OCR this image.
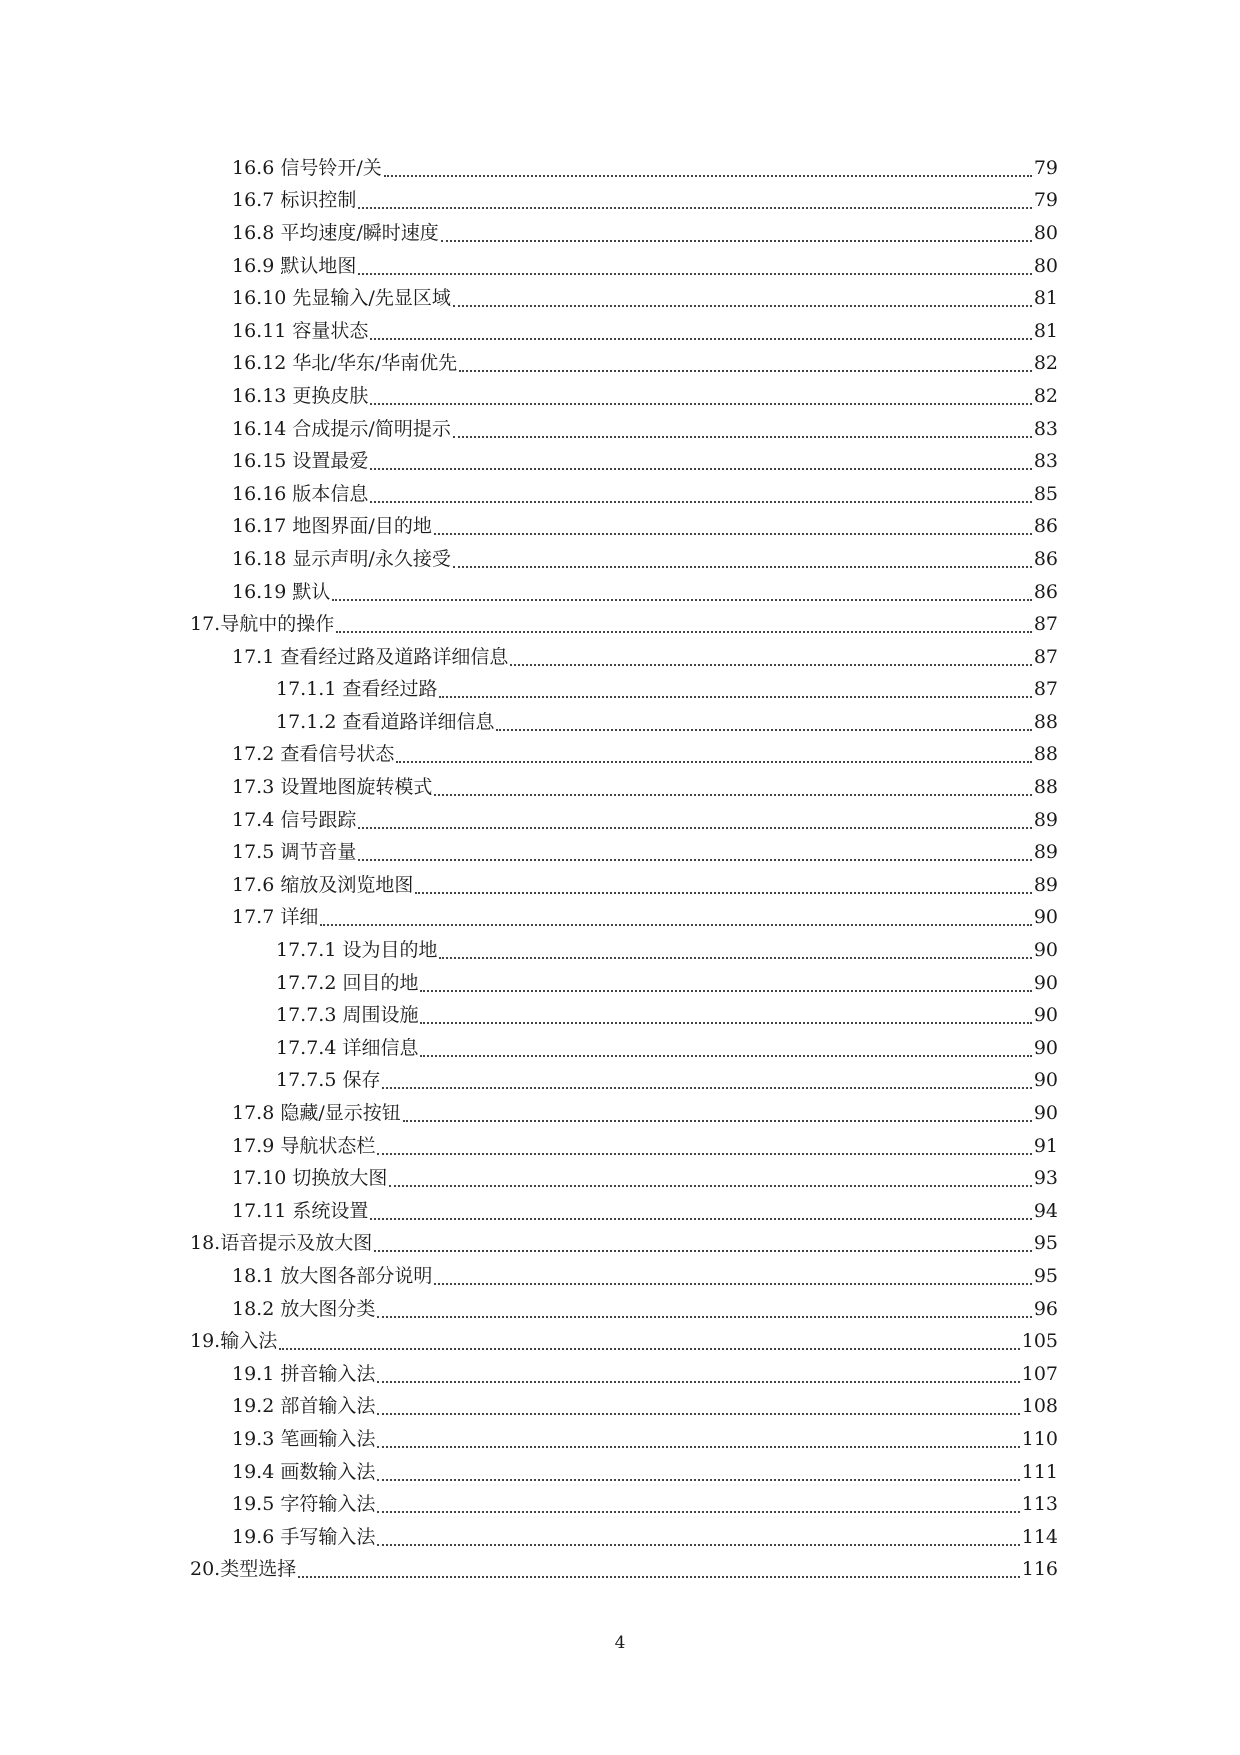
16.6 信号铃开/关	79
16.7 标识控制	79
16.8 平均速度/瞬时速度	80
16.9 默认地图	80
16.10 先显输入/先显区域	81
16.11 容量状态	81
16.12 华北/华东/华南优先	82
16.13 更换皮肤	82
16.14 合成提示/简明提示	83
16.15 设置最爱	83
16.16 版本信息	85
16.17 地图界面/目的地	86
16.18 显示声明/永久接受	86
16.19 默认	86
17.导航中的操作	87
17.1 查看经过路及道路详细信息	87
17.1.1 查看经过路	87
17.1.2 查看道路详细信息	88
17.2 查看信号状态	88
17.3 设置地图旋转模式	88
17.4 信号跟踪	89
17.5 调节音量	89
17.6 缩放及浏览地图	89
17.7 详细	90
17.7.1 设为目的地	90
17.7.2 回目的地	90
17.7.3 周围设施	90
17.7.4 详细信息	90
17.7.5 保存	90
17.8 隐藏/显示按钮	90
17.9 导航状态栏	91
17.10 切换放大图	93
17.11 系统设置	94
18.语音提示及放大图	95
18.1 放大图各部分说明	95
18.2 放大图分类	96
19.输入法	105
19.1 拼音输入法	107
19.2 部首输入法	108
19.3 笔画输入法	110
19.4 画数输入法	111
19.5 字符输入法	113
19.6 手写输入法	114
20.类型选择	116
4
